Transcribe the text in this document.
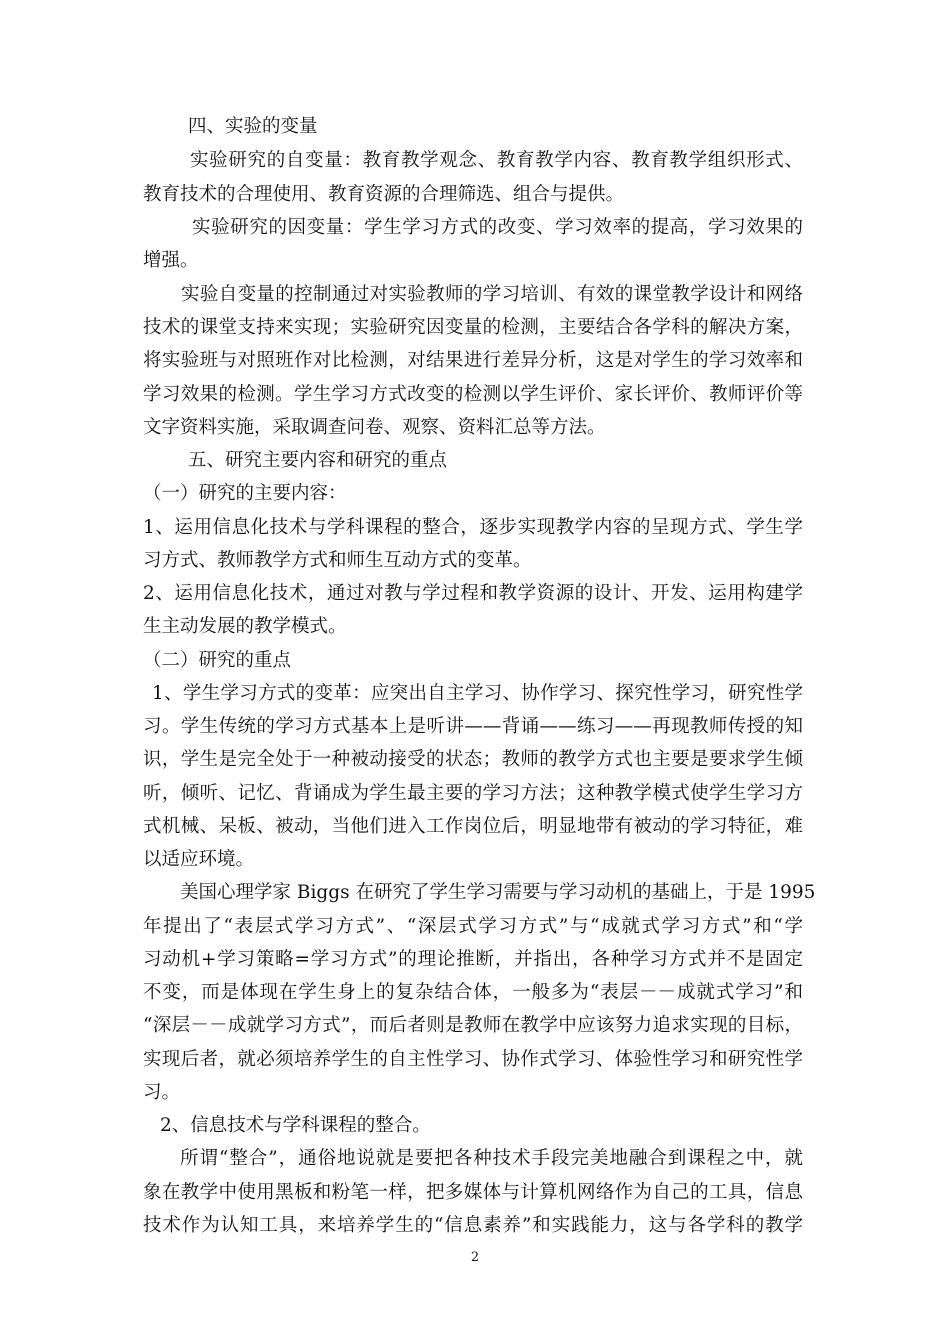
四、实验的变量
实验研究的自变量：教育教学观念、教育教学内容、教育教学组织形式、
教育技术的合理使用、教育资源的合理筛选、组合与提供。
实验研究的因变量：学生学习方式的改变、学习效率的提高，学习效果的
增强。
实验自变量的控制通过对实验教师的学习培训、有效的课堂教学设计和网络
技术的课堂支持来实现；实验研究因变量的检测，主要结合各学科的解决方案，
将实验班与对照班作对比检测，对结果进行差异分析，这是对学生的学习效率和
学习效果的检测。学生学习方式改变的检测以学生评价、家长评价、教师评价等
文字资料实施，采取调查问卷、观察、资料汇总等方法。
五、研究主要内容和研究的重点
（一）研究的主要内容：
1、运用信息化技术与学科课程的整合，逐步实现教学内容的呈现方式、学生学
习方式、教师教学方式和师生互动方式的变革。
2、运用信息化技术，通过对教与学过程和教学资源的设计、开发、运用构建学
生主动发展的教学模式。
（二）研究的重点
1、学生学习方式的变革：应突出自主学习、协作学习、探究性学习，研究性学
习。学生传统的学习方式基本上是听讲——背诵——练习——再现教师传授的知
识，学生是完全处于一种被动接受的状态；教师的教学方式也主要是要求学生倾
听，倾听、记忆、背诵成为学生最主要的学习方法；这种教学模式使学生学习方
式机械、呆板、被动，当他们进入工作岗位后，明显地带有被动的学习特征，难
以适应环境。
美国心理学家 Biggs 在研究了学生学习需要与学习动机的基础上，于是 1995
年提出了“表层式学习方式”、“深层式学习方式”与“成就式学习方式”和“学
习动机+学习策略=学习方式”的理论推断，并指出，各种学习方式并不是固定
不变，而是体现在学生身上的复杂结合体，一般多为“表层－－成就式学习”和
“深层－－成就学习方式”，而后者则是教师在教学中应该努力追求实现的目标，
实现后者，就必须培养学生的自主性学习、协作式学习、体验性学习和研究性学
习。
2、信息技术与学科课程的整合。
所谓“整合”，通俗地说就是要把各种技术手段完美地融合到课程之中，就
象在教学中使用黑板和粉笔一样，把多媒体与计算机网络作为自己的工具，信息
技术作为认知工具，来培养学生的“信息素养”和实践能力，这与各学科的教学
2
